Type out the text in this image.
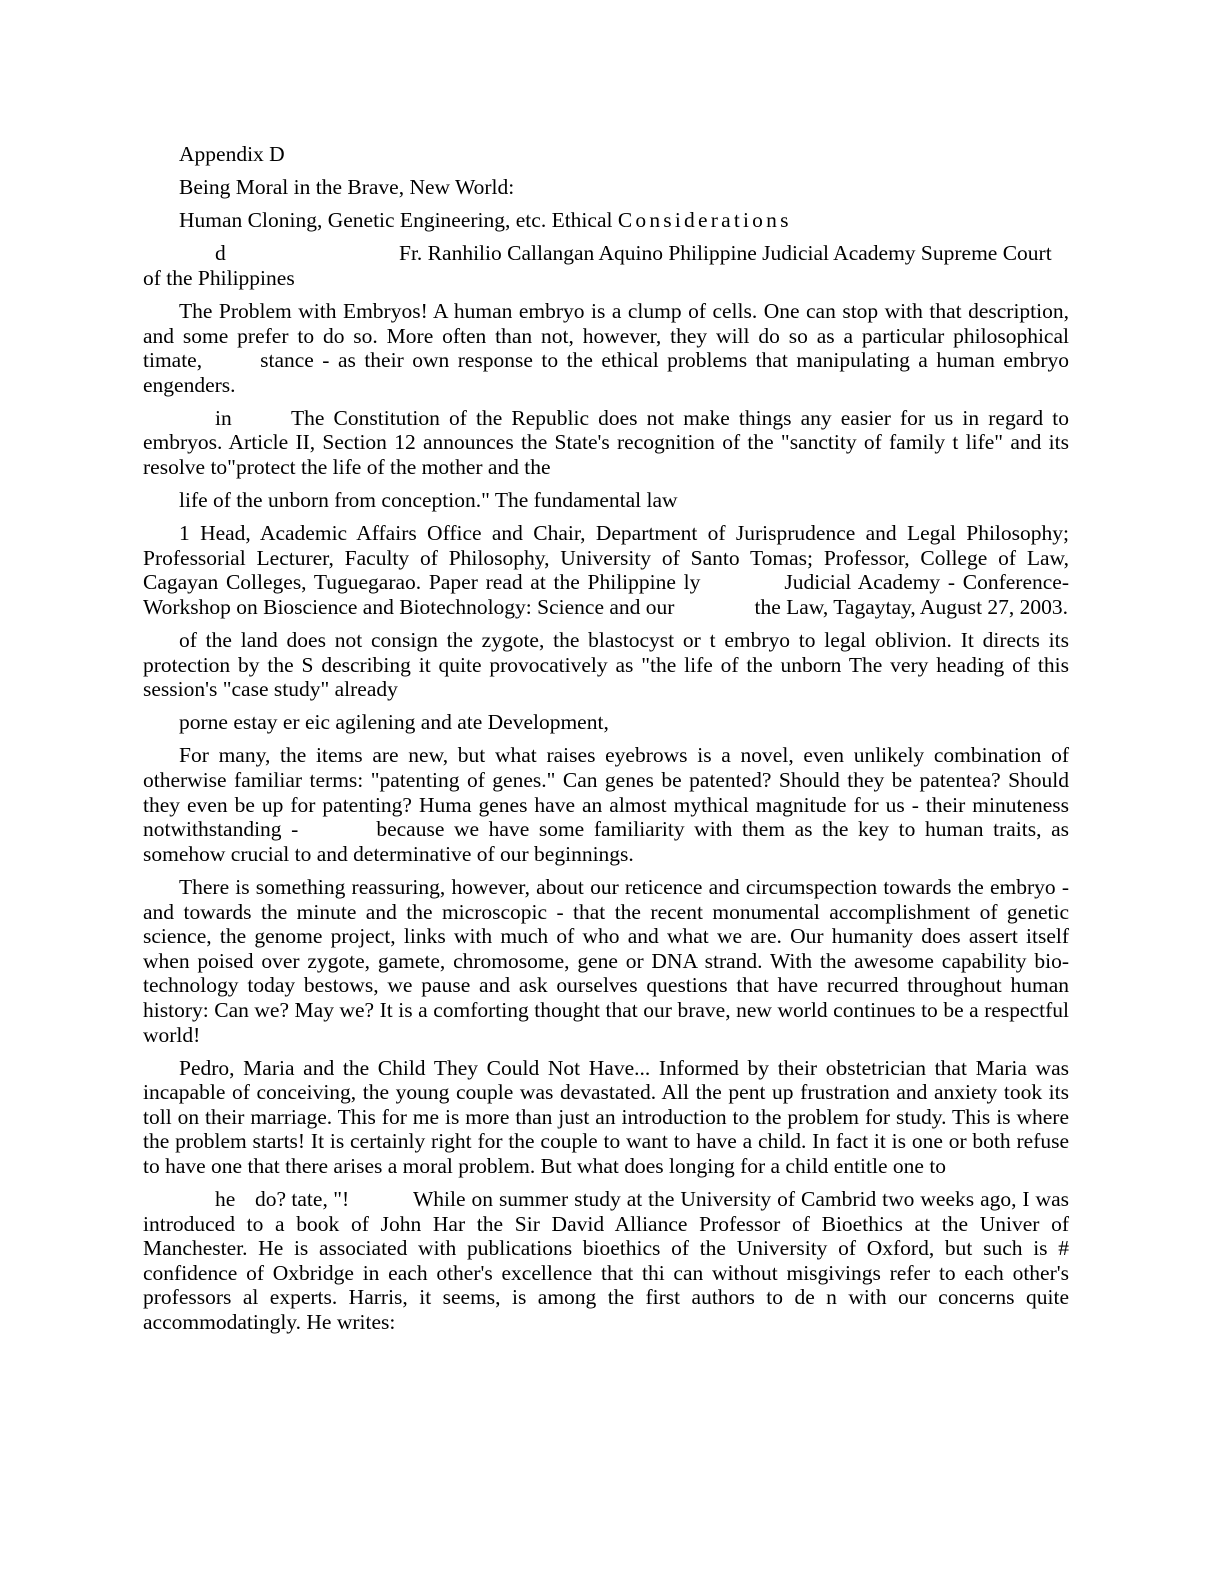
Appendix D

Being Moral in the Brave, New World:

Human Cloning, Genetic Engineering, etc. Ethical Considerations

d	Fr. Ranhilio Callangan Aquino Philippine Judicial Academy Supreme Court of the Philippines

The Problem with Embryos! A human embryo is a clump of cells. One can stop with that description, and some prefer to do so. More often than not, however, they will do so as a particular philosophical timate,	stance - as their own response to the ethical problems that manipulating a human embryo engenders.

in	The Constitution of the Republic does not make things any easier for us in regard to embryos. Article II, Section 12 announces the State's recognition of the "sanctity of family t life" and its resolve to"protect the life of the mother and the

life of the unborn from conception." The fundamental law

1 Head, Academic Affairs Office and Chair, Department of Jurisprudence and Legal Philosophy; Professorial Lecturer, Faculty of Philosophy, University of Santo Tomas; Professor, College of Law, Cagayan Colleges, Tuguegarao. Paper read at the Philippine ly	Judicial Academy - Conference-Workshop on Bioscience and Biotechnology: Science and our	the Law, Tagaytay, August 27, 2003.

of the land does not consign the zygote, the blastocyst or t embryo to legal oblivion. It directs its protection by the S describing it quite provocatively as "the life of the unborn The very heading of this session's "case study" already

porne estay er eic agilening and ate Development,

For many, the items are new, but what raises eyebrows is a novel, even unlikely combination of otherwise familiar terms: "patenting of genes." Can genes be patented? Should they be patentea? Should they even be up for patenting? Huma genes have an almost mythical magnitude for us - their minuteness notwithstanding -	because we have some familiarity with them as the key to human traits, as somehow crucial to and determinative of our beginnings.

There is something reassuring, however, about our reticence and circumspection towards the embryo - and towards the minute and the microscopic - that the recent monumental accomplishment of genetic science, the genome project, links with much of who and what we are. Our humanity does assert itself when poised over zygote, gamete, chromosome, gene or DNA strand. With the awesome capability bio-technology today bestows, we pause and ask ourselves questions that have recurred throughout human history: Can we? May we? It is a comforting thought that our brave, new world continues to be a respectful world!

Pedro, Maria and the Child They Could Not Have... Informed by their obstetrician that Maria was incapable of conceiving, the young couple was devastated. All the pent up frustration and anxiety took its toll on their marriage. This for me is more than just an introduction to the problem for study. This is where the problem starts! It is certainly right for the couple to want to have a child. In fact it is one or both refuse to have one that there arises a moral problem. But what does longing for a child entitle one to

he do? tate, "!	While on summer study at the University of Cambrid two weeks ago, I was introduced to a book of John Har the Sir David Alliance Professor of Bioethics at the Univer of Manchester. He is associated with publications bioethics of the University of Oxford, but such is # confidence of Oxbridge in each other's excellence that thi can without misgivings refer to each other's professors al experts. Harris, it seems, is among the first authors to de n with our concerns quite accommodatingly. He writes:
